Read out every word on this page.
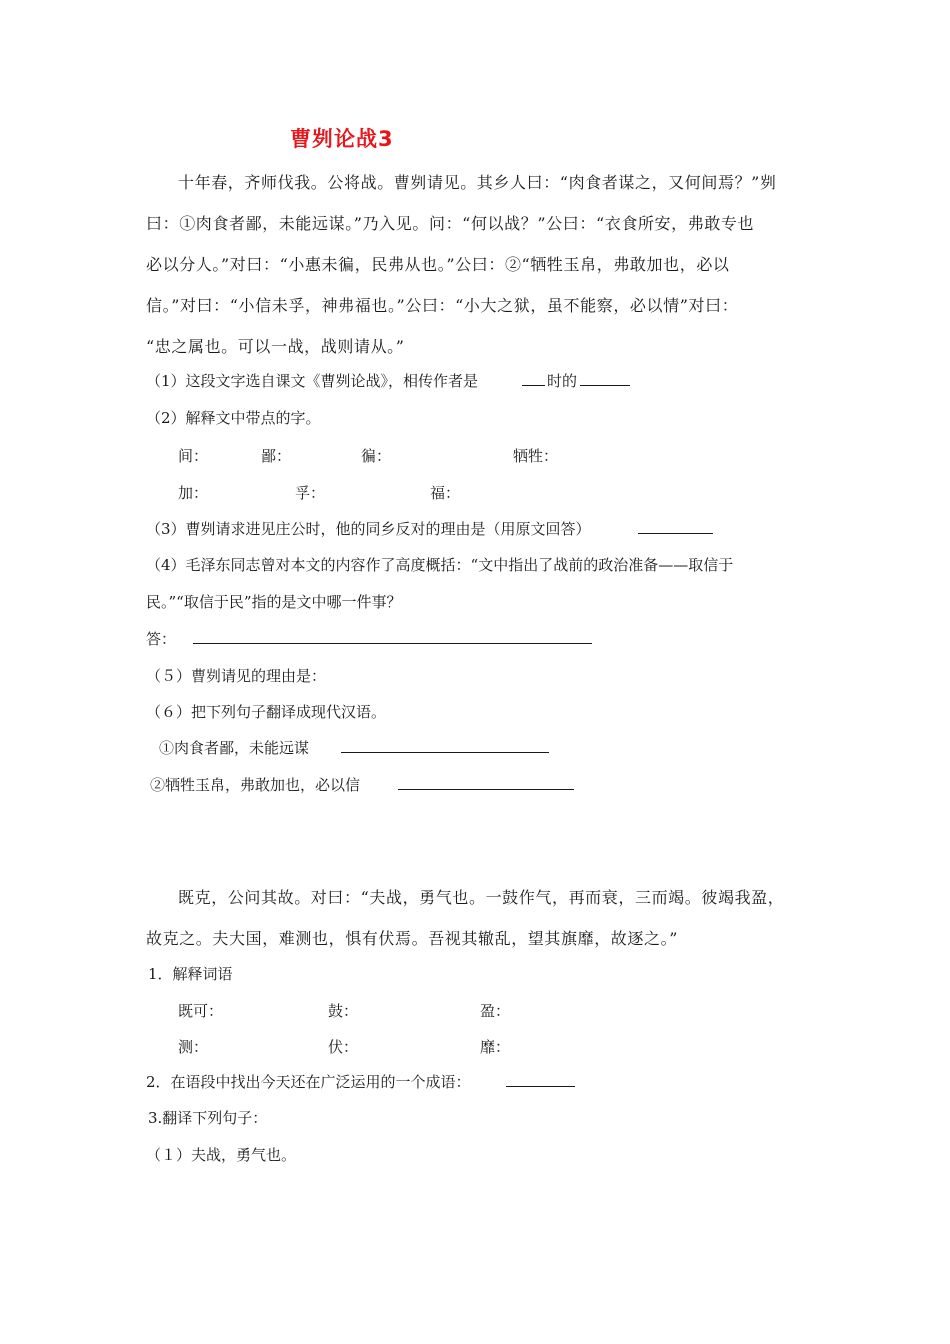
曹刿论战3
十年春，齐师伐我。公将战。曹刿请见。其乡人曰：“肉食者谋之，又何间焉？”刿
曰：①肉食者鄙，未能远谋。”乃入见。问：“何以战？”公曰：“衣食所安，弗敢专也
必以分人。”对曰：“小惠未徧，民弗从也。”公曰：②“牺牲玉帛，弗敢加也，必以
信。”对曰：“小信未孚，神弗福也。”公曰：“小大之狱，虽不能察，必以情”对曰：
“忠之属也。可以一战，战则请从。”
（1）这段文字选自课文《曹刿论战》，相传作者是	时的
（2）解释文中带点的字。
间：	鄙：	徧：	牺牲：
加：	孚：	福：
（3）曹刿请求进见庄公时，他的同乡反对的理由是（用原文回答）
（4）毛泽东同志曾对本文的内容作了高度概括：“文中指出了战前的政治准备——取信于
民。”“取信于民”指的是文中哪一件事？
答：
（５）曹刿请见的理由是：
（６）把下列句子翻译成现代汉语。
①肉食者鄙，未能远谋
②牺牲玉帛，弗敢加也，必以信
既克，公问其故。对曰：“夫战，勇气也。一鼓作气，再而衰，三而竭。彼竭我盈，
故克之。夫大国，难测也，惧有伏焉。吾视其辙乱，望其旗靡，故逐之。”
1．解释词语
既可：	鼓：	盈：
测：	伏：	靡：
2．在语段中找出今天还在广泛运用的一个成语：
3.翻译下列句子：
（１）夫战，勇气也。
